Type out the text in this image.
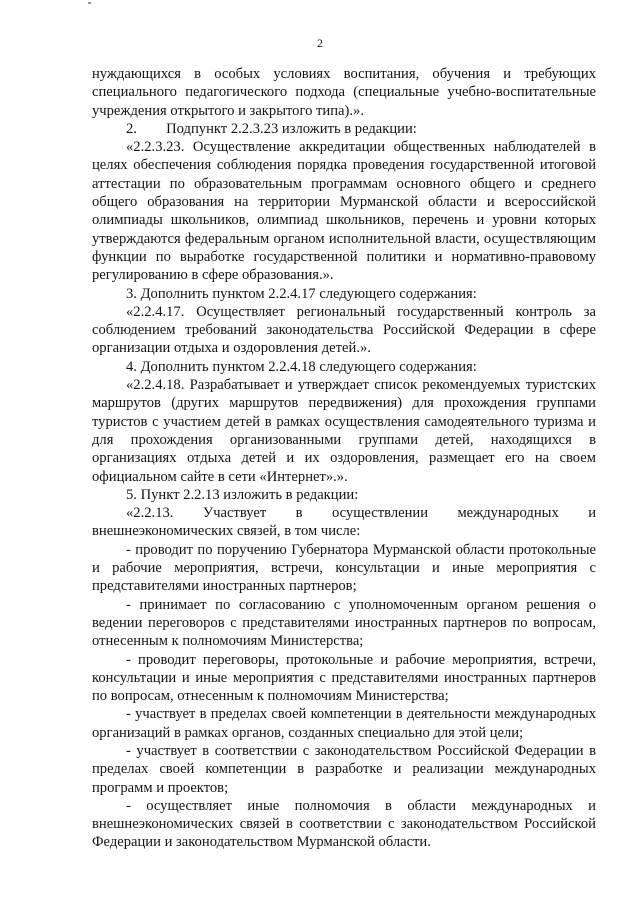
2

нуждающихся в особых условиях воспитания, обучения и требующих специального педагогического подхода (специальные учебно-воспитательные учреждения открытого и закрытого типа).».

2.        Подпункт 2.2.3.23 изложить в редакции:

«2.2.3.23. Осуществление аккредитации общественных наблюдателей в целях обеспечения соблюдения порядка проведения государственной итоговой аттестации по образовательным программам основного общего и среднего общего образования на территории Мурманской области и всероссийской олимпиады школьников, олимпиад школьников, перечень и уровни которых утверждаются федеральным органом исполнительной власти, осуществляющим функции по выработке государственной политики и нормативно-правовому регулированию в сфере образования.».

3. Дополнить пунктом 2.2.4.17 следующего содержания:

«2.2.4.17. Осуществляет региональный государственный контроль за соблюдением требований законодательства Российской Федерации в сфере организации отдыха и оздоровления детей.».

4. Дополнить пунктом 2.2.4.18 следующего содержания:

«2.2.4.18. Разрабатывает и утверждает список рекомендуемых туристских маршрутов (других маршрутов передвижения) для прохождения группами туристов с участием детей в рамках осуществления самодеятельного туризма и для прохождения организованными группами детей, находящихся в организациях отдыха детей и их оздоровления, размещает его на своем официальном сайте в сети «Интернет».».

5. Пункт 2.2.13 изложить в редакции:

«2.2.13. Участвует в осуществлении международных и внешнеэкономических связей, в том числе:

- проводит по поручению Губернатора Мурманской области протокольные и рабочие мероприятия, встречи, консультации и иные мероприятия с представителями иностранных партнеров;

- принимает по согласованию с уполномоченным органом решения о ведении переговоров с представителями иностранных партнеров по вопросам, отнесенным к полномочиям Министерства;

- проводит переговоры, протокольные и рабочие мероприятия, встречи, консультации и иные мероприятия с представителями иностранных партнеров по вопросам, отнесенным к полномочиям Министерства;

- участвует в пределах своей компетенции в деятельности международных организаций в рамках органов, созданных специально для этой цели;

- участвует в соответствии с законодательством Российской Федерации в пределах своей компетенции в разработке и реализации международных программ и проектов;

- осуществляет иные полномочия в области международных и внешнеэкономических связей в соответствии с законодательством Российской Федерации и законодательством Мурманской области.
